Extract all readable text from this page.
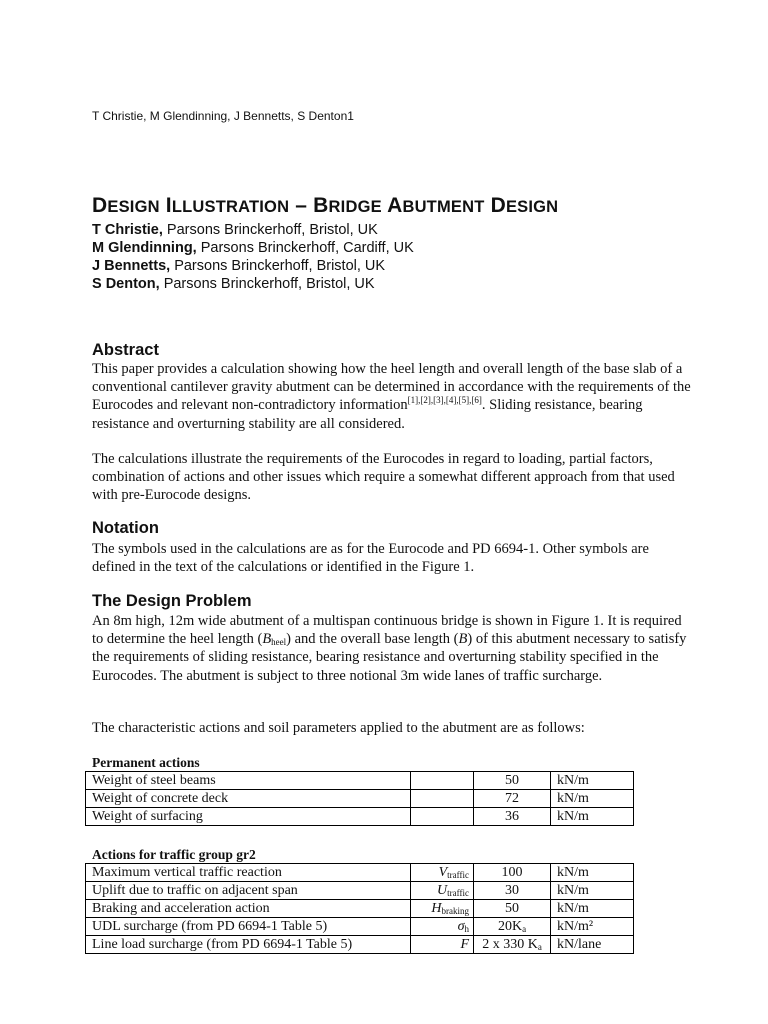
T Christie, M Glendinning, J Bennetts, S Denton1
DESIGN ILLUSTRATION – BRIDGE ABUTMENT DESIGN
T Christie, Parsons Brinckerhoff, Bristol, UK
M Glendinning, Parsons Brinckerhoff, Cardiff, UK
J Bennetts, Parsons Brinckerhoff, Bristol, UK
S Denton, Parsons Brinckerhoff, Bristol, UK
Abstract
This paper provides a calculation showing how the heel length and overall length of the base slab of a conventional cantilever gravity abutment can be determined in accordance with the requirements of the Eurocodes and relevant non-contradictory information[1],[2],[3],[4],[5],[6]. Sliding resistance, bearing resistance and overturning stability are all considered.
The calculations illustrate the requirements of the Eurocodes in regard to loading, partial factors, combination of actions and other issues which require a somewhat different approach from that used with pre-Eurocode designs.
Notation
The symbols used in the calculations are as for the Eurocode and PD 6694-1. Other symbols are defined in the text of the calculations or identified in the Figure 1.
The Design Problem
An 8m high, 12m wide abutment of a multispan continuous bridge is shown in Figure 1. It is required to determine the heel length $(B_{heel})$ and the overall base length (B) of this abutment necessary to satisfy the requirements of sliding resistance, bearing resistance and overturning stability specified in the Eurocodes. The abutment is subject to three notional 3m wide lanes of traffic surcharge.
The characteristic actions and soil parameters applied to the abutment are as follows:
Permanent actions
Weight of steel beams		50	kN/m
Weight of concrete deck		72	kN/m
Weight of surfacing		36	kN/m
Actions for traffic group gr2
Maximum vertical traffic reaction	$V_{traffic}$	100	kN/m
Uplift due to traffic on adjacent span	$U_{traffic}$	30	kN/m
Braking and acceleration action	$H_{braking}$	50	kN/m
UDL surcharge (from PD 6694-1 Table 5)	$\sigma_h$	$20K_a$	kN/m²
Line load surcharge (from PD 6694-1 Table 5)	F	2 x 330 $K_a$	kN/lane
